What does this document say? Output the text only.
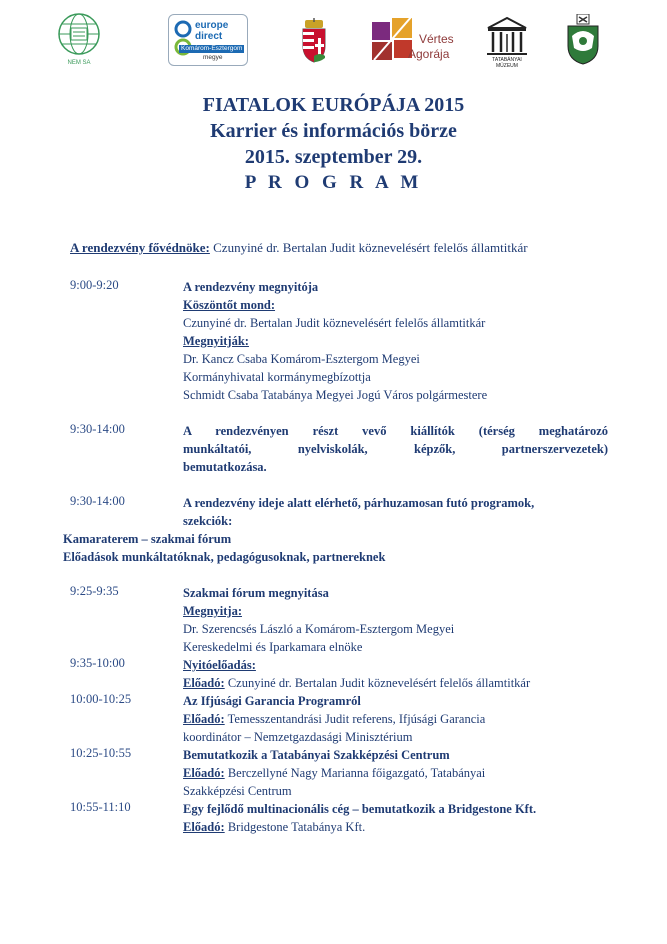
NEM SA
europe
direct
Komárom-Esztergom
megye
Vértes
Agorája	TATABÁNYAI
MÚZEUM
FIATALOK EURÓPÁJA 2015
Karrier és információs börze
2015. szeptember 29.
P R O G R A M
A rendezvény fővédnöke: Czunyiné dr. Bertalan Judit köznevelésért felelős államtitkár
9:00-9:20	A rendezvény megnyitója
Köszöntőt mond:
Czunyiné dr. Bertalan Judit köznevelésért felelős államtitkár
Megnyitják:
Dr. Kancz Csaba Komárom-Esztergom Megyei
Kormányhivatal kormánymegbízottja
Schmidt Csaba Tatabánya Megyei Jogú Város polgármestere
9:30-14:00	A rendezvényen részt vevő kiállítók (térség meghatározó
munkáltatói, nyelviskolák, képzők, partnerszervezetek)
bemutatkozása.
9:30-14:00	A rendezvény ideje alatt elérhető, párhuzamosan futó programok,
szekciók:
Kamaraterem – szakmai fórum
Előadások munkáltatóknak, pedagógusoknak, partnereknek
9:25-9:35	Szakmai fórum megnyitása
Megnyitja:
Dr. Szerencsés László a Komárom-Esztergom Megyei
Kereskedelmi és Iparkamara elnöke
9:35-10:00	Nyitóelőadás:
Előadó: Czunyiné dr. Bertalan Judit köznevelésért felelős államtitkár
10:00-10:25	Az Ifjúsági Garancia Programról
Előadó: Temesszentandrási Judit referens, Ifjúsági Garancia
koordinátor – Nemzetgazdasági Minisztérium
10:25-10:55	Bemutatkozik a Tatabányai Szakképzési Centrum
Előadó: Berczellyné Nagy Marianna főigazgató, Tatabányai
Szakképzési Centrum
10:55-11:10	Egy fejlődő multinacionális cég – bemutatkozik a Bridgestone Kft.
Előadó: Bridgestone Tatabánya Kft.
